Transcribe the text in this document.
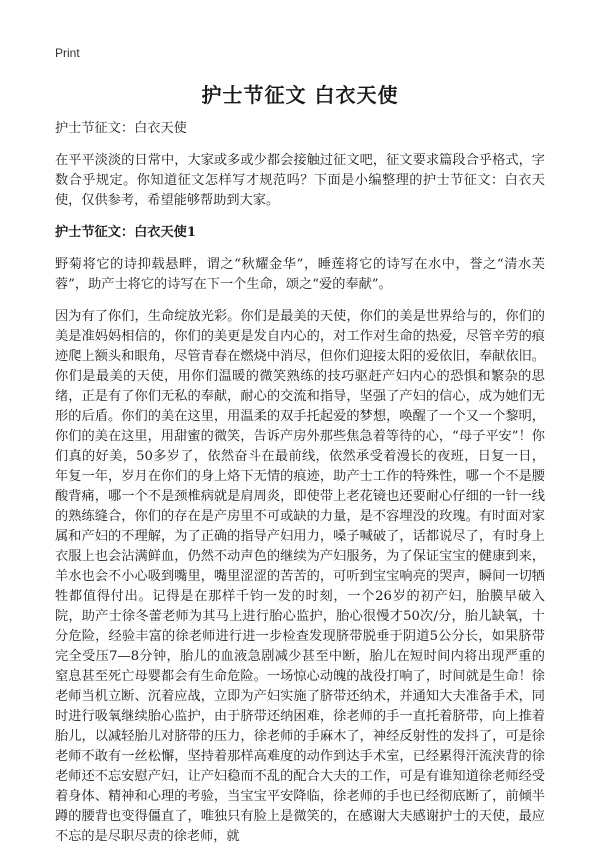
Print
护士节征文 白衣天使

护士节征文：白衣天使

在平平淡淡的日常中，大家或多或少都会接触过征文吧，征文要求篇段合乎格式，字数合乎规定。你知道征文怎样写才规范吗？下面是小编整理的护士节征文：白衣天使，仅供参考，希望能够帮助到大家。

护士节征文：白衣天使1

野菊将它的诗抑载悬畔，谓之“秋耀金华”，睡莲将它的诗写在水中，誉之“清水芙蓉”，助产士将它的诗写在下一个生命，颂之“爱的奉献”。

因为有了你们，生命绽放光彩。你们是最美的天使，你们的美是世界给与的，你们的美是准妈妈相信的，你们的美更是发自内心的，对工作对生命的热爱，尽管辛劳的痕迹爬上额头和眼角，尽管青春在燃烧中消尽，但你们迎接太阳的爱依旧，奉献依旧。你们是最美的天使，用你们温暖的微笑熟练的技巧驱赶产妇内心的恐惧和繁杂的思绪，正是有了你们无私的奉献，耐心的交流和指导，坚强了产妇的信心，成为她们无形的后盾。你们的美在这里，用温柔的双手托起爱的梦想，唤醒了一个又一个黎明，你们的美在这里，用甜蜜的微笑，告诉产房外那些焦急着等待的心，“母子平安”！你们真的好美，50多岁了，依然奋斗在最前线，依然承受着漫长的夜班，日复一日，年复一年，岁月在你们的身上烙下无情的痕迹，助产士工作的特殊性，哪一个不是腰酸背痛，哪一个不是颈椎病就是肩周炎，即使带上老花镜也还要耐心仔细的一针一线的熟练缝合，你们的存在是产房里不可或缺的力量，是不容埋没的玫瑰。有时面对家属和产妇的不理解，为了正确的指导产妇用力，嗓子喊破了，话都说尽了，有时身上衣服上也会沾满鲜血，仍然不动声色的继续为产妇服务，为了保证宝宝的健康到来，羊水也会不小心吸到嘴里，嘴里涩涩的苦苦的，可听到宝宝响亮的哭声，瞬间一切牺牲都值得付出。记得是在那样千钧一发的时刻，一个26岁的初产妇，胎膜早破入院，助产士徐冬蕾老师为其马上进行胎心监护，胎心很慢才50次/分，胎儿缺氧，十分危险，经验丰富的徐老师进行进一步检查发现脐带脱垂于阴道5公分长，如果脐带完全受压7—8分钟，胎儿的血液急剧减少甚至中断，胎儿在短时间内将出现严重的窒息甚至死亡母婴都会有生命危险。一场惊心动魄的战役打响了，时间就是生命！徐老师当机立断、沉着应战，立即为产妇实施了脐带还纳术，并通知大夫准备手术，同时进行吸氧继续胎心监护，由于脐带还纳困难，徐老师的手一直托着脐带，向上推着胎儿，以减轻胎儿对脐带的压力，徐老师的手麻木了，神经反射性的发抖了，可是徐老师不敢有一丝松懈，坚持着那样高难度的动作到达手术室，已经累得汗流浃背的徐老师还不忘安慰产妇，让产妇稳而不乱的配合大夫的工作，可是有谁知道徐老师经受着身体、精神和心理的考验，当宝宝平安降临，徐老师的手也已经彻底断了，前倾半蹲的腰背也变得僵直了，唯独只有脸上是微笑的，在感谢大夫感谢护士的天使，最应不忘的是尽职尽责的徐老师，就
